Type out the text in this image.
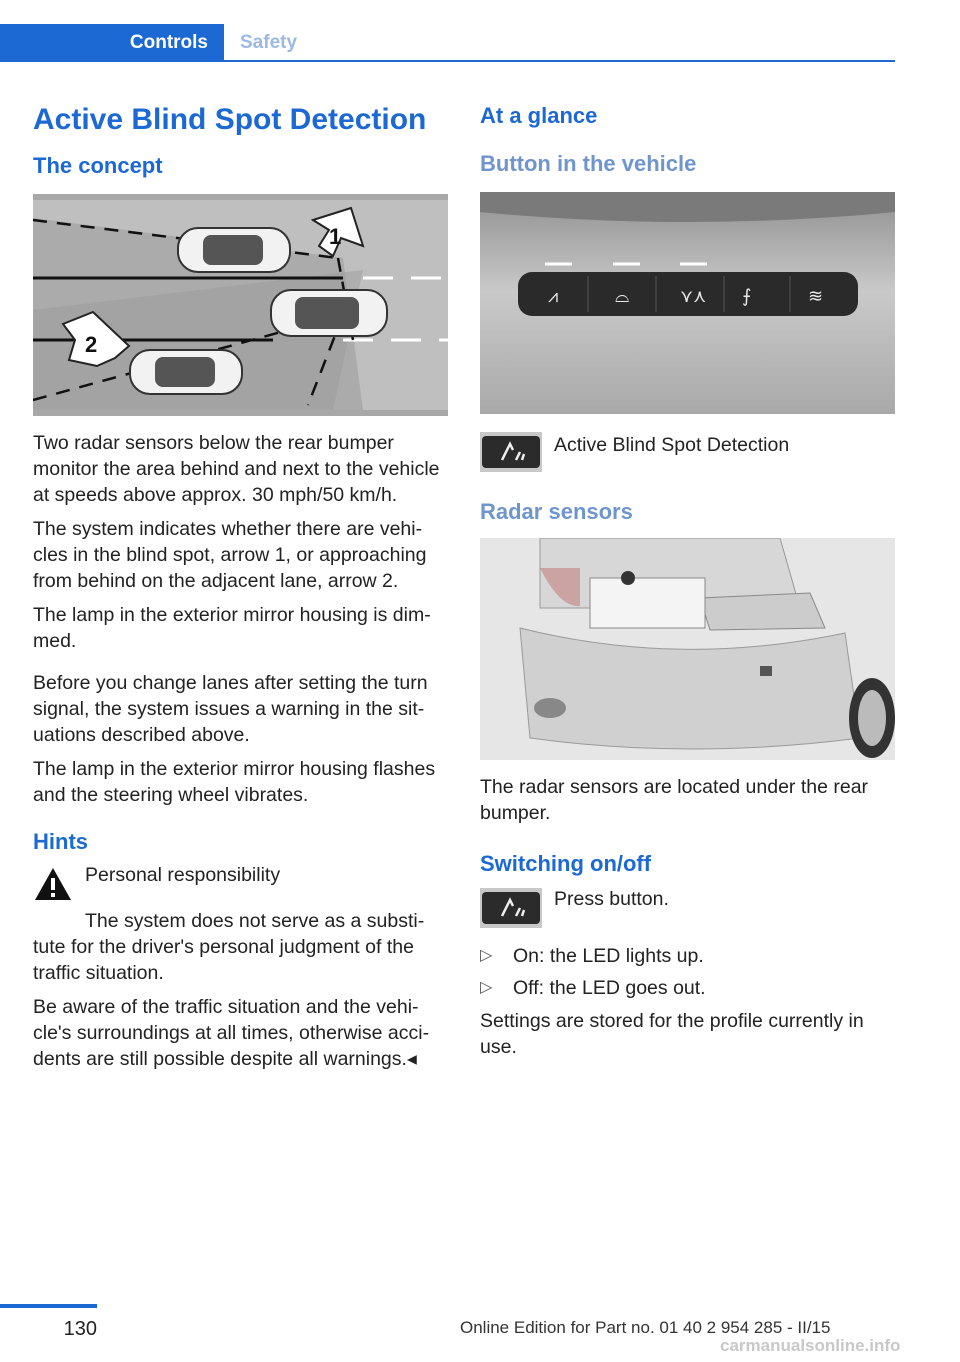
Controls	Safety
Active Blind Spot Detection
The concept
1
2

Two radar sensors below the rear bumper monitor the area behind and next to the vehicle at speeds above approx. 30 mph/50 km/h.

The system indicates whether there are vehicles in the blind spot, arrow 1, or approaching from behind on the adjacent lane, arrow 2.

The lamp in the exterior mirror housing is dimmed.

Before you change lanes after setting the turn signal, the system issues a warning in the situations described above.

The lamp in the exterior mirror housing flashes and the steering wheel vibrates.

Hints

Personal responsibility

The system does not serve as a substitute for the driver's personal judgment of the traffic situation.

Be aware of the traffic situation and the vehicle's surroundings at all times, otherwise accidents are still possible despite all warnings.◂

At a glance
Button in the vehicle
⩘	⌓	⋎⋏ ⨍	≋

Active Blind Spot Detection

Radar sensors

The radar sensors are located under the rear bumper.

Switching on/off

Press button.

▷ On: the LED lights up.
▷ Off: the LED goes out.

Settings are stored for the profile currently in use.

130	Online Edition for Part no. 01 40 2 954 285 - II/15
carmanualsonline.info
